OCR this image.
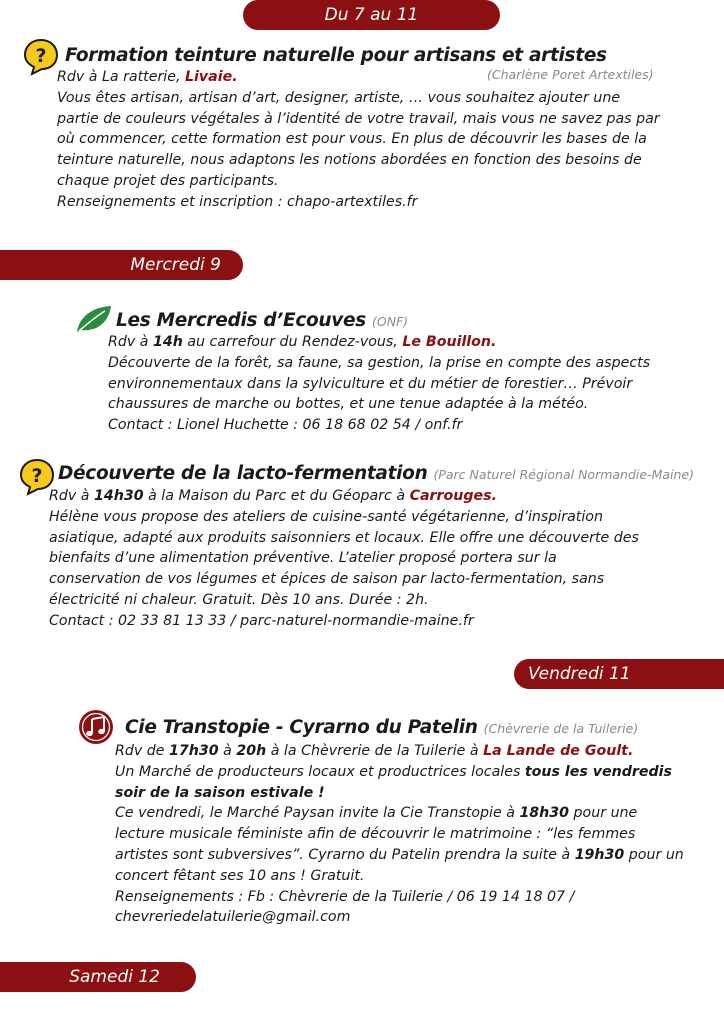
Du 7 au 11
? Formation teinture naturelle pour artisans et artistes
(Charlène Poret Artextiles)

Rdv à La ratterie, Livaie.

Vous êtes artisan, artisan d’art, designer, artiste, … vous souhaitez ajouter une

partie de couleurs végétales à l’identité de votre travail, mais vous ne savez pas par

où commencer, cette formation est pour vous. En plus de découvrir les bases de la

teinture naturelle, nous adaptons les notions abordées en fonction des besoins de

chaque projet des participants.

Renseignements et inscription : chapo-artextiles.fr

Mercredi 9
Les Mercredis d’Ecouves (ONF)

Rdv à 14h au carrefour du Rendez-vous, Le Bouillon.

Découverte de la forêt, sa faune, sa gestion, la prise en compte des aspects

environnementaux dans la sylviculture et du métier de forestier… Prévoir

chaussures de marche ou bottes, et une tenue adaptée à la météo.

Contact : Lionel Huchette : 06 18 68 02 54 / onf.fr

? Découverte de la lacto-fermentation (Parc Naturel Régional Normandie-Maine)

Rdv à 14h30 à la Maison du Parc et du Géoparc à Carrouges.

Hélène vous propose des ateliers de cuisine-santé végétarienne, d’inspiration

asiatique, adapté aux produits saisonniers et locaux. Elle offre une découverte des

bienfaits d’une alimentation préventive. L’atelier proposé portera sur la

conservation de vos légumes et épices de saison par lacto-fermentation, sans

électricité ni chaleur. Gratuit. Dès 10 ans. Durée : 2h.

Contact : 02 33 81 13 33 / parc-naturel-normandie-maine.fr

Vendredi 11
Cie Transtopie - Cyrarno du Patelin (Chèvrerie de la Tuilerie)

Rdv de 17h30 à 20h à la Chèvrerie de la Tuilerie à La Lande de Goult.

Un Marché de producteurs locaux et productrices locales tous les vendredis

soir de la saison estivale !

Ce vendredi, le Marché Paysan invite la Cie Transtopie à 18h30 pour une

lecture musicale féministe afin de découvrir le matrimoine : “les femmes

artistes sont subversives”. Cyrarno du Patelin prendra la suite à 19h30 pour un

concert fêtant ses 10 ans ! Gratuit.

Renseignements : Fb : Chèvrerie de la Tuilerie / 06 19 14 18 07 /

chevreriedelatuilerie@gmail.com

Samedi 12
